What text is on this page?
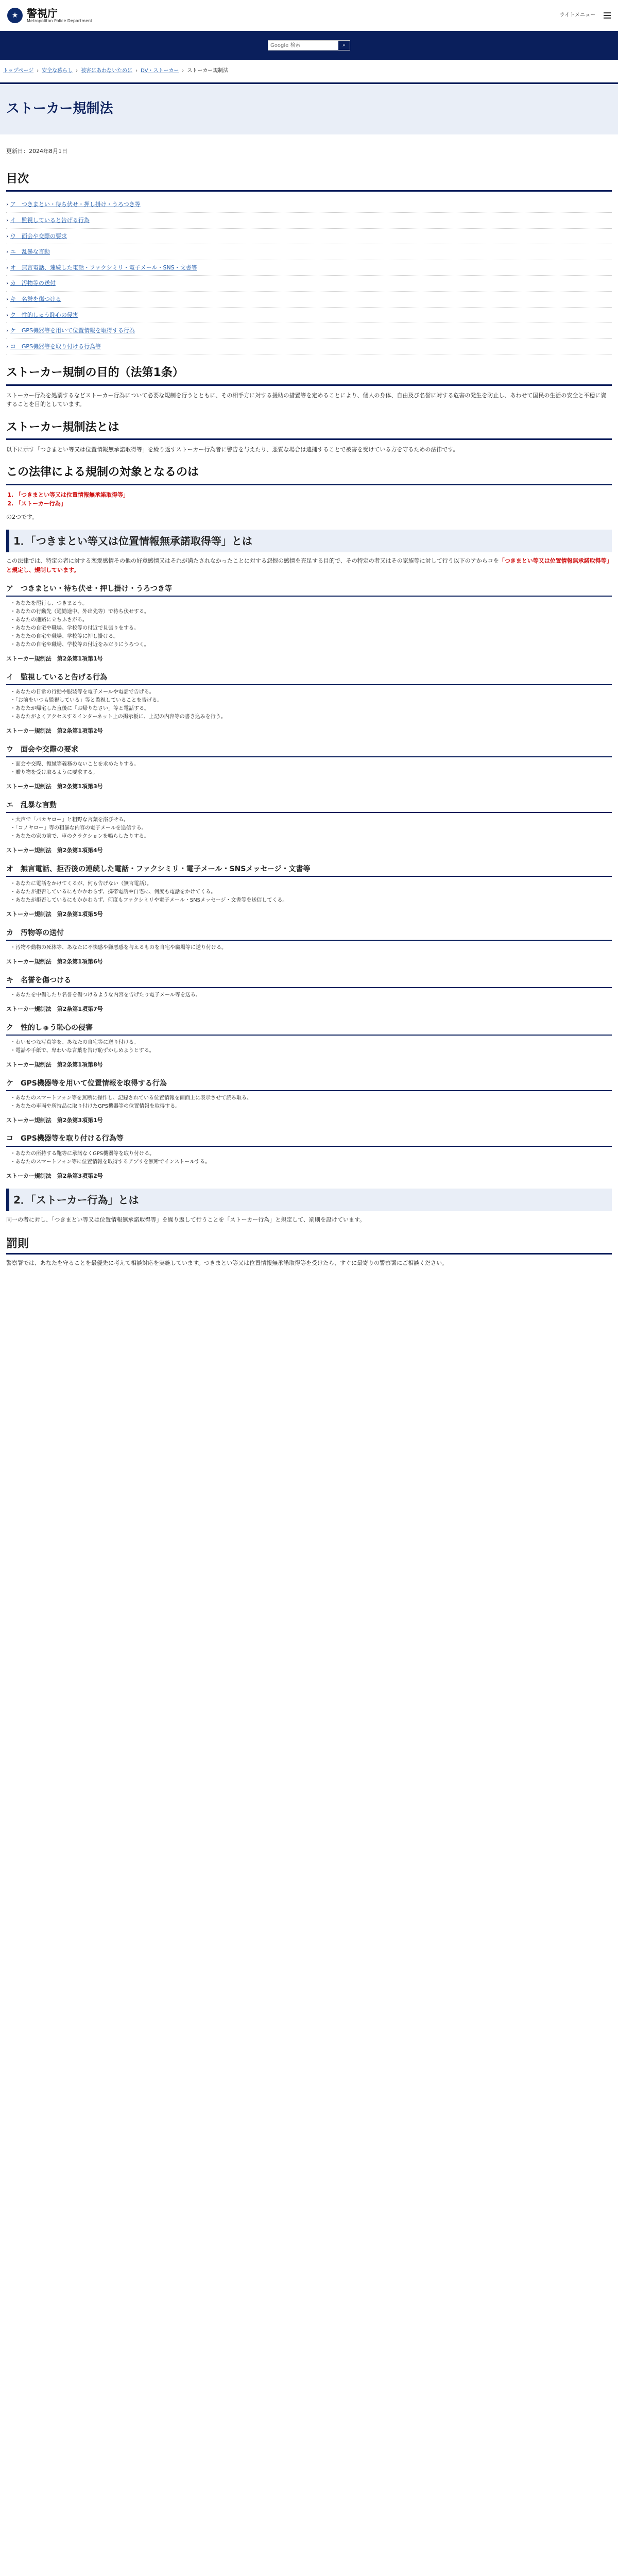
★ 警視庁
Metropolitan Police Department
ライトメニュー
Google 検索
⌕
トップページ › 安全な暮らし › 被害にあわないために › DV・ストーカー › ストーカー規制法
ストーカー規制法
更新日：2024年8月1日
目次
› ア　つきまとい・待ち伏せ・押し掛け・うろつき等
› イ　監視していると告げる行為
› ウ　面会や交際の要求
› エ　乱暴な言動
› オ　無言電話、連続した電話・ファクシミリ・電子メール・SNS・文書等
› カ　汚物等の送付
› キ　名誉を傷つける
› ク　性的しゅう恥心の侵害
› ケ　GPS機器等を用いて位置情報を取得する行為
› コ　GPS機器等を取り付ける行為等
ストーカー規制の目的（法第1条）

ストーカー行為を処罰するなどストーカー行為について必要な規制を行うとともに、その相手方に対する援助の措置等を定めることにより、個人の身体、自由及び名誉に対する危害の発生を防止し、あわせて国民の生活の安全と平穏に資することを目的としています。

ストーカー規制法とは

以下に示す「つきまとい等又は位置情報無承諾取得等」を繰り返すストーカー行為者に警告を与えたり、悪質な場合は逮捕することで被害を受けている方を守るための法律です。

この法律による規制の対象となるのは
1. 「つきまとい等又は位置情報無承諾取得等」
2. 「ストーカー行為」

の2つです。

1．「つきまとい等又は位置情報無承諾取得等」とは

この法律では、特定の者に対する恋愛感情その他の好意感情又はそれが満たされなかったことに対する怨恨の感情を充足する目的で、その特定の者又はその家族等に対して行う以下のアからコを「つきまとい等又は位置情報無承諾取得等」と規定し、規制しています。

ア　つきまとい・待ち伏せ・押し掛け・うろつき等
・ あなたを尾行し、つきまとう。
・ あなたの行動先（通勤途中、外出先等）で待ち伏せする。
・ あなたの進路に立ちふさがる。
・ あなたの自宅や職場、学校等の付近で見張りをする。
・ あなたの自宅や職場、学校等に押し掛ける。
・ あなたの自宅や職場、学校等の付近をみだりにうろつく。
ストーカー規制法　第2条第1項第1号
イ　監視していると告げる行為
・ あなたの日常の行動や服装等を電子メールや電話で告げる。
・ 「お前をいつも監視している」等と監視していることを告げる。
・ あなたが帰宅した直後に「お帰りなさい」等と電話する。
・ あなたがよくアクセスするインターネット上の掲示板に、上記の内容等の書き込みを行う。
ストーカー規制法　第2条第1項第2号
ウ　面会や交際の要求
・ 面会や交際、復縁等義務のないことを求めたりする。
・ 贈り物を受け取るように要求する。
ストーカー規制法　第2条第1項第3号
エ　乱暴な言動
・ 大声で「バカヤロー」と粗野な言葉を浴びせる。
・ 「コノヤロー」等の粗暴な内容の電子メールを送信する。
・ あなたの家の前で、車のクラクションを鳴らしたりする。
ストーカー規制法　第2条第1項第4号
オ　無言電話、拒否後の連続した電話・ファクシミリ・電子メール・SNSメッセージ・文書等
・ あなたに電話をかけてくるが、何も告げない（無言電話）。
・ あなたが拒否しているにもかかわらず、携帯電話や自宅に、何度も電話をかけてくる。
・ あなたが拒否しているにもかかわらず、何度もファクシミリや電子メール・SNSメッセージ・文書等を送信してくる。
ストーカー規制法　第2条第1項第5号
カ　汚物等の送付
・ 汚物や動物の死体等、あなたに不快感や嫌悪感を与えるものを自宅や職場等に送り付ける。
ストーカー規制法　第2条第1項第6号
キ　名誉を傷つける
・ あなたを中傷したり名誉を傷つけるような内容を告げたり電子メール等を送る。
ストーカー規制法　第2条第1項第7号
ク　性的しゅう恥心の侵害
・ わいせつな写真等を、あなたの自宅等に送り付ける。
・ 電話や手紙で、卑わいな言葉を告げ恥ずかしめようとする。
ストーカー規制法　第2条第1項第8号
ケ　GPS機器等を用いて位置情報を取得する行為
・ あなたのスマートフォン等を無断に操作し、記録されている位置情報を画面上に表示させて読み取る。
・ あなたの車両や所持品に取り付けたGPS機器等の位置情報を取得する。
ストーカー規制法　第2条第3項第1号
コ　GPS機器等を取り付ける行為等
・ あなたの所持する鞄等に承諾なくGPS機器等を取り付ける。
・ あなたのスマートフォン等に位置情報を取得するアプリを無断でインストールする。
ストーカー規制法　第2条第3項第2号
2．「ストーカー行為」とは

同一の者に対し、「つきまとい等又は位置情報無承諾取得等」を繰り返して行うことを「ストーカー行為」と規定して、罰則を設けています。

罰則

警察署では、あなたを守ることを最優先に考えて相談対応を実施しています。つきまとい等又は位置情報無承諾取得等を受けたら、すぐに最寄りの警察署にご相談ください。
